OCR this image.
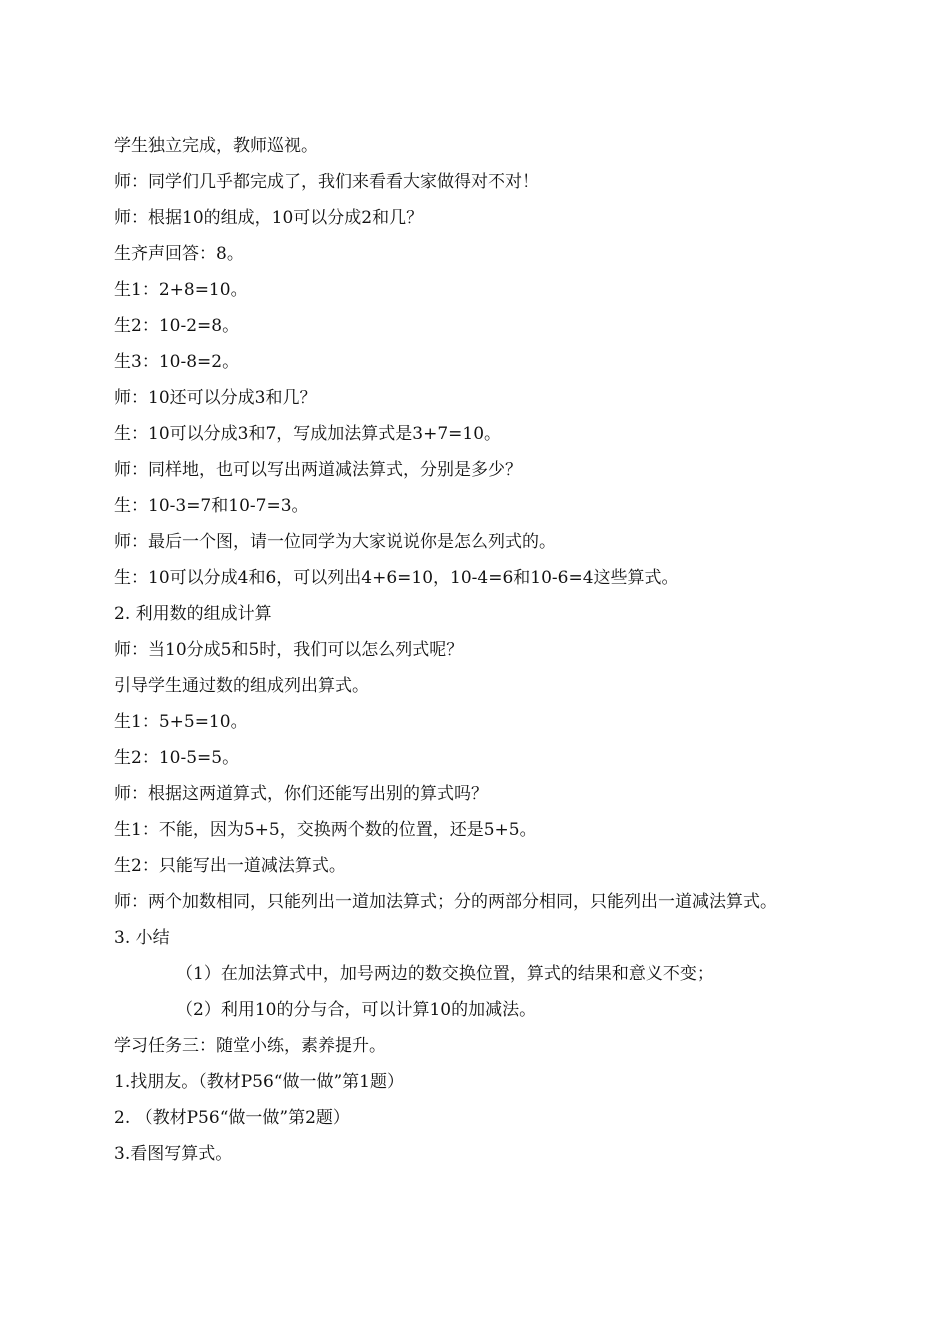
学生独立完成，教师巡视。
师：同学们几乎都完成了，我们来看看大家做得对不对！
师：根据10的组成，10可以分成2和几？
生齐声回答：8。
生1：2+8=10。
生2：10-2=8。
生3：10-8=2。
师：10还可以分成3和几？
生：10可以分成3和7，写成加法算式是3+7=10。
师：同样地，也可以写出两道减法算式，分别是多少？
生：10-3=7和10-7=3。
师：最后一个图，请一位同学为大家说说你是怎么列式的。
生：10可以分成4和6，可以列出4+6=10，10-4=6和10-6=4这些算式。
2. 利用数的组成计算
师：当10分成5和5时，我们可以怎么列式呢？
引导学生通过数的组成列出算式。
生1：5+5=10。
生2：10-5=5。
师：根据这两道算式，你们还能写出别的算式吗？
生1：不能，因为5+5，交换两个数的位置，还是5+5。
生2：只能写出一道减法算式。
师：两个加数相同，只能列出一道加法算式；分的两部分相同，只能列出一道减法算式。
3. 小结
（1）在加法算式中，加号两边的数交换位置，算式的结果和意义不变；
（2）利用10的分与合，可以计算10的加减法。
学习任务三：随堂小练，素养提升。
1.找朋友。（教材P56“做一做”第1题）
2. （教材P56“做一做”第2题）
3.看图写算式。
